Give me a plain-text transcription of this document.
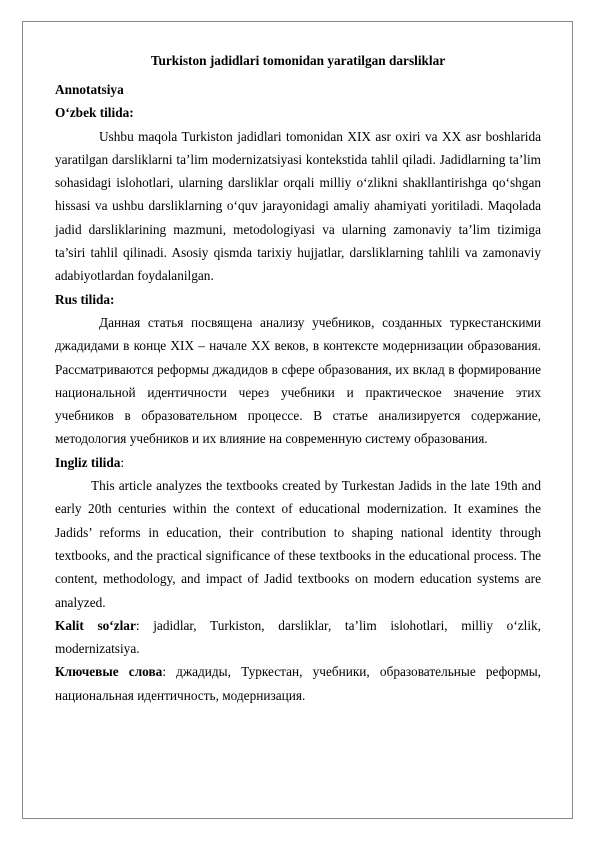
Turkiston jadidlari tomonidan yaratilgan darsliklar
Annotatsiya
O‘zbek tilida:

Ushbu maqola Turkiston jadidlari tomonidan XIX asr oxiri va XX asr boshlarida yaratilgan darsliklarni ta’lim modernizatsiyasi kontekstida tahlil qiladi. Jadidlarning ta’lim sohasidagi islohotlari, ularning darsliklar orqali milliy o‘zlikni shakllantirishga qo‘shgan hissasi va ushbu darsliklarning o‘quv jarayonidagi amaliy ahamiyati yoritiladi. Maqolada jadid darsliklarining mazmuni, metodologiyasi va ularning zamonaviy ta’lim tizimiga ta’siri tahlil qilinadi. Asosiy qismda tarixiy hujjatlar, darsliklarning tahlili va zamonaviy adabiyotlardan foydalanilgan.

Rus tilida:

Данная статья посвящена анализу учебников, созданных туркестанскими джадидами в конце XIX – начале XX веков, в контексте модернизации образования. Рассматриваются реформы джадидов в сфере образования, их вклад в формирование национальной идентичности через учебники и практическое значение этих учебников в образовательном процессе. В статье анализируется содержание, методология учебников и их влияние на современную систему образования.

Ingliz tilida:

This article analyzes the textbooks created by Turkestan Jadids in the late 19th and early 20th centuries within the context of educational modernization. It examines the Jadids’ reforms in education, their contribution to shaping national identity through textbooks, and the practical significance of these textbooks in the educational process. The content, methodology, and impact of Jadid textbooks on modern education systems are analyzed.

Kalit so‘zlar: jadidlar, Turkiston, darsliklar, ta’lim islohotlari, milliy o‘zlik, modernizatsiya.

Ключевые слова: джадиды, Туркестан, учебники, образовательные реформы, национальная идентичность, модернизация.
